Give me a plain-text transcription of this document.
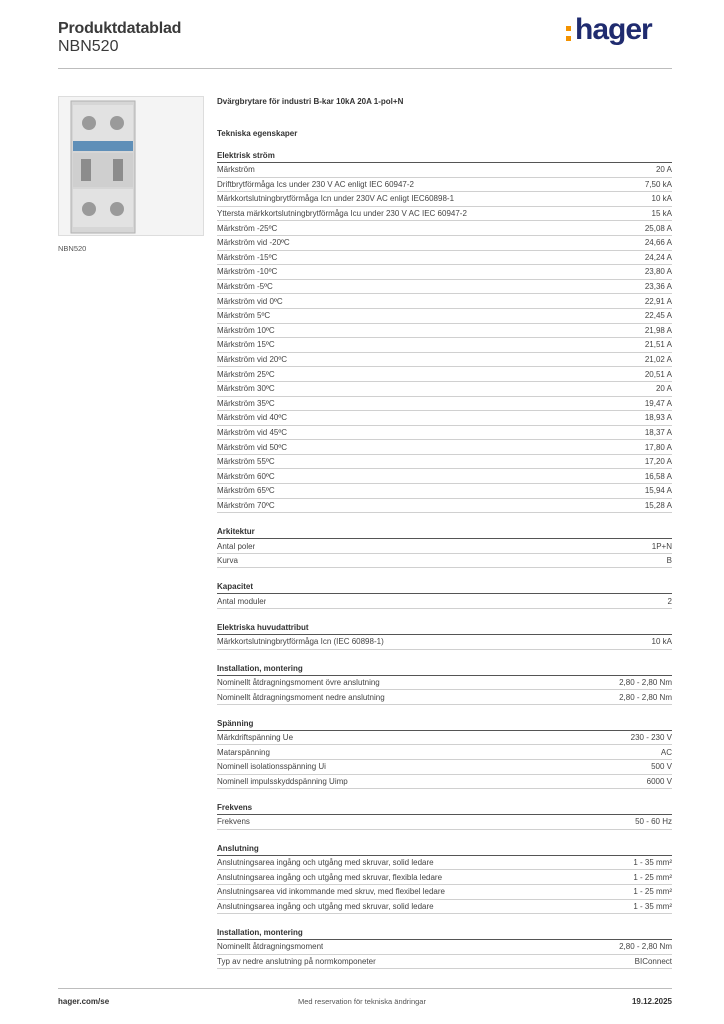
Produktdatablad
NBN520
hager
NBN520
Dvärgbrytare för industri B-kar 10kA 20A 1-pol+N
Tekniska egenskaper
Elektrisk ström
Märkström	20 A
Driftbrytförmåga Ics under 230 V AC enligt IEC 60947-2	7,50 kA
Märkkortslutningbrytförmåga Icn under 230V AC enligt IEC60898-1	10 kA
Yttersta märkkortslutningbrytförmåga Icu under 230 V AC IEC 60947-2	15 kA
Märkström -25ºC	25,08 A
Märkström vid -20ºC	24,66 A
Märkström -15ºC	24,24 A
Märkström -10ºC	23,80 A
Märkström -5ºC	23,36 A
Märkström vid 0ºC	22,91 A
Märkström 5ºC	22,45 A
Märkström 10ºC	21,98 A
Märkström 15ºC	21,51 A
Märkström vid 20ºC	21,02 A
Märkström 25ºC	20,51 A
Märkström 30ºC	20 A
Märkström 35ºC	19,47 A
Märkström vid 40ºC	18,93 A
Märkström vid 45ºC	18,37 A
Märkström vid 50ºC	17,80 A
Märkström 55ºC	17,20 A
Märkström 60ºC	16,58 A
Märkström 65ºC	15,94 A
Märkström 70ºC	15,28 A
Arkitektur
Antal poler	1P+N
Kurva	B
Kapacitet
Antal moduler	2
Elektriska huvudattribut
Märkkortslutningbrytförmåga Icn (IEC 60898-1)	10 kA
Installation, montering
Nominellt åtdragningsmoment övre anslutning	2,80 - 2,80 Nm
Nominellt åtdragningsmoment nedre anslutning	2,80 - 2,80 Nm
Spänning
Märkdriftspänning Ue	230 - 230 V
Matarspänning	AC
Nominell isolationsspänning Ui	500 V
Nominell impulsskyddspänning Uimp	6000 V
Frekvens
Frekvens	50 - 60 Hz
Anslutning
Anslutningsarea ingång och utgång med skruvar, solid ledare	1 - 35 mm²
Anslutningsarea ingång och utgång med skruvar, flexibla ledare	1 - 25 mm²
Anslutningsarea vid inkommande med skruv, med flexibel ledare	1 - 25 mm²
Anslutningsarea ingång och utgång med skruvar, solid ledare	1 - 35 mm²
Installation, montering
Nominellt åtdragningsmoment	2,80 - 2,80 Nm
Typ av nedre anslutning på normkomponeter	BIConnect
hager.com/se	Med reservation för tekniska ändringar	19.12.2025
